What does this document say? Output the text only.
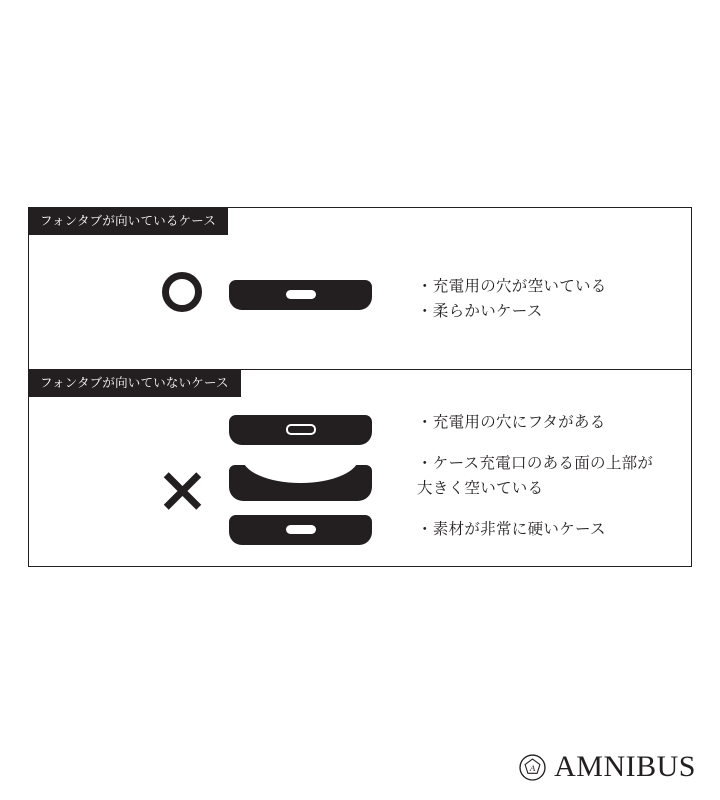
フォンタブが向いているケース
・充電用の穴が空いている
・柔らかいケース
フォンタブが向いていないケース
・充電用の穴にフタがある
・ケース充電口のある面の上部が
大きく空いている
・素材が非常に硬いケース
A AMNIBUS
